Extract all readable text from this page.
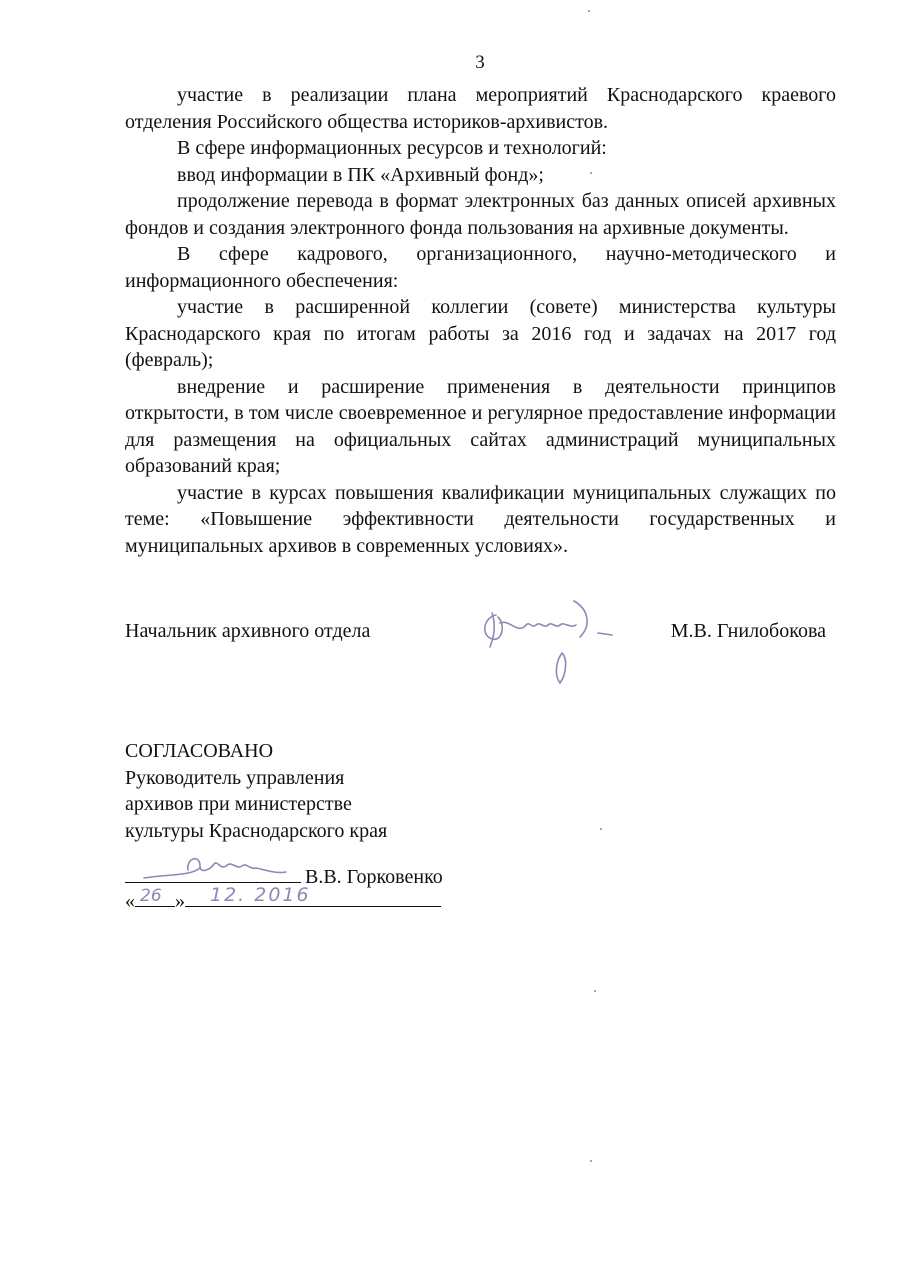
3

участие в реализации плана мероприятий Краснодарского краевого отделения Российского общества историков-архивистов.

В сфере информационных ресурсов и технологий:

ввод информации в ПК «Архивный фонд»;

продолжение перевода в формат электронных баз данных описей архивных фондов и создания электронного фонда пользования на архивные документы.

В сфере кадрового, организационного, научно-методического и информационного обеспечения:

участие в расширенной коллегии (совете) министерства культуры Краснодарского края по итогам работы за 2016 год и задачах на 2017 год (февраль);

внедрение и расширение применения в деятельности принципов открытости, в том числе своевременное и регулярное предоставление информации для размещения на официальных сайтах администраций муниципальных образований края;

участие в курсах повышения квалификации муниципальных служащих по теме: «Повышение эффективности деятельности государственных и муниципальных архивов в современных условиях».

Начальник архивного отдела	М.В. Гнилобокова
СОГЛАСОВАНО
Руководитель управления
архивов при министерстве
культуры Краснодарского края
В.В. Горковенко
« »
26	12. 2016
